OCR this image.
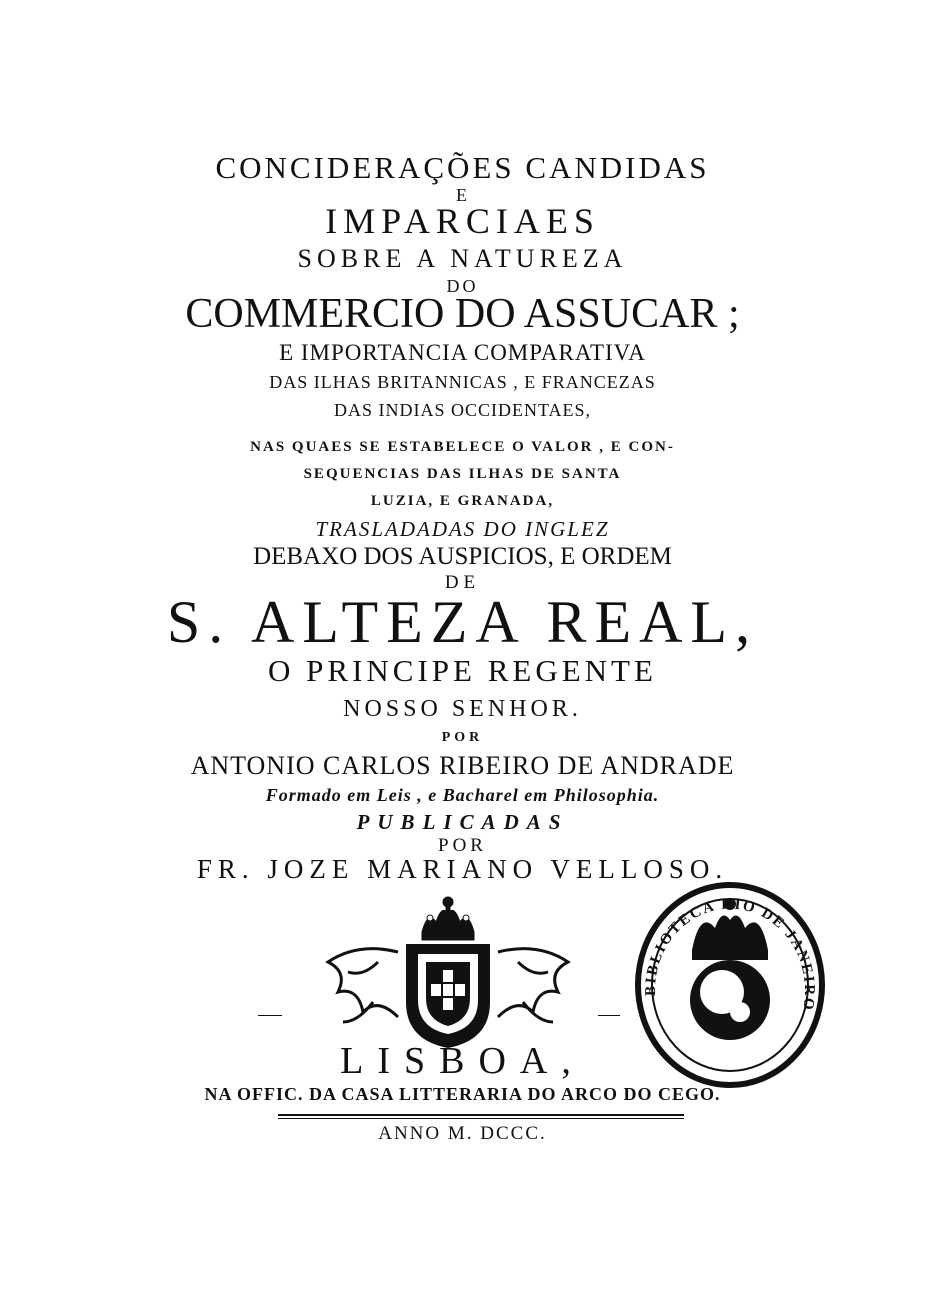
CONCIDERAÇÕES CANDIDAS

E

IMPARCIAES

SOBRE A NATUREZA

DO

COMMERCIO DO ASSUCAR ;

E IMPORTANCIA COMPARATIVA

DAS ILHAS BRITANNICAS , E FRANCEZAS

DAS INDIAS OCCIDENTAES,

NAS QUAES SE ESTABELECE O VALOR , E CON-

SEQUENCIAS DAS ILHAS DE SANTA

LUZIA, E GRANADA,

TRASLADADAS DO INGLEZ

DEBAXO DOS AUSPICIOS, E ORDEM

DE

S. ALTEZA REAL,

O PRINCIPE REGENTE

NOSSO SENHOR.

POR

ANTONIO CARLOS RIBEIRO DE ANDRADE

Formado em Leis , e Bacharel em Philosophia.

PUBLICADAS

POR

FR. JOZE MARIANO VELLOSO.

BIBLIOTECA RIO DE JANEIRO

LISBOA,

NA OFFIC. DA CASA LITTERARIA DO ARCO DO CEGO.

ANNO M. DCCC.
